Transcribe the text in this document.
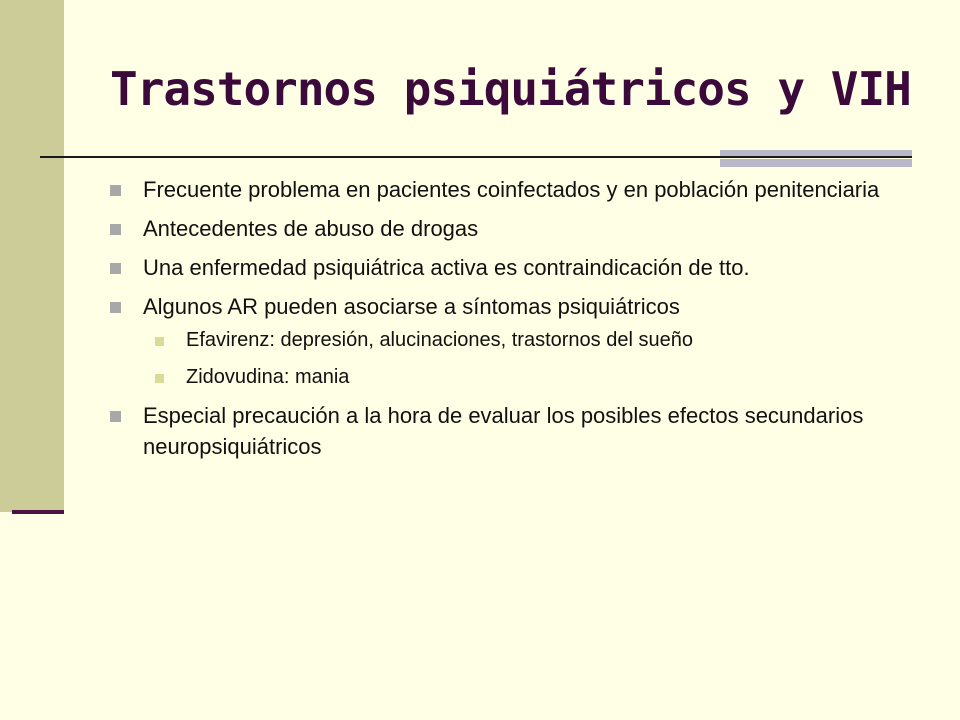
Trastornos psiquiátricos y VIH
Frecuente problema en pacientes coinfectados y en población penitenciaria
Antecedentes de abuso de drogas
Una enfermedad psiquiátrica activa es contraindicación de tto.
Algunos AR pueden asociarse a síntomas psiquiátricos
Efavirenz: depresión, alucinaciones, trastornos del sueño
Zidovudina: mania
Especial precaución a la hora de evaluar los posibles efectos secundarios neuropsiquiátricos
